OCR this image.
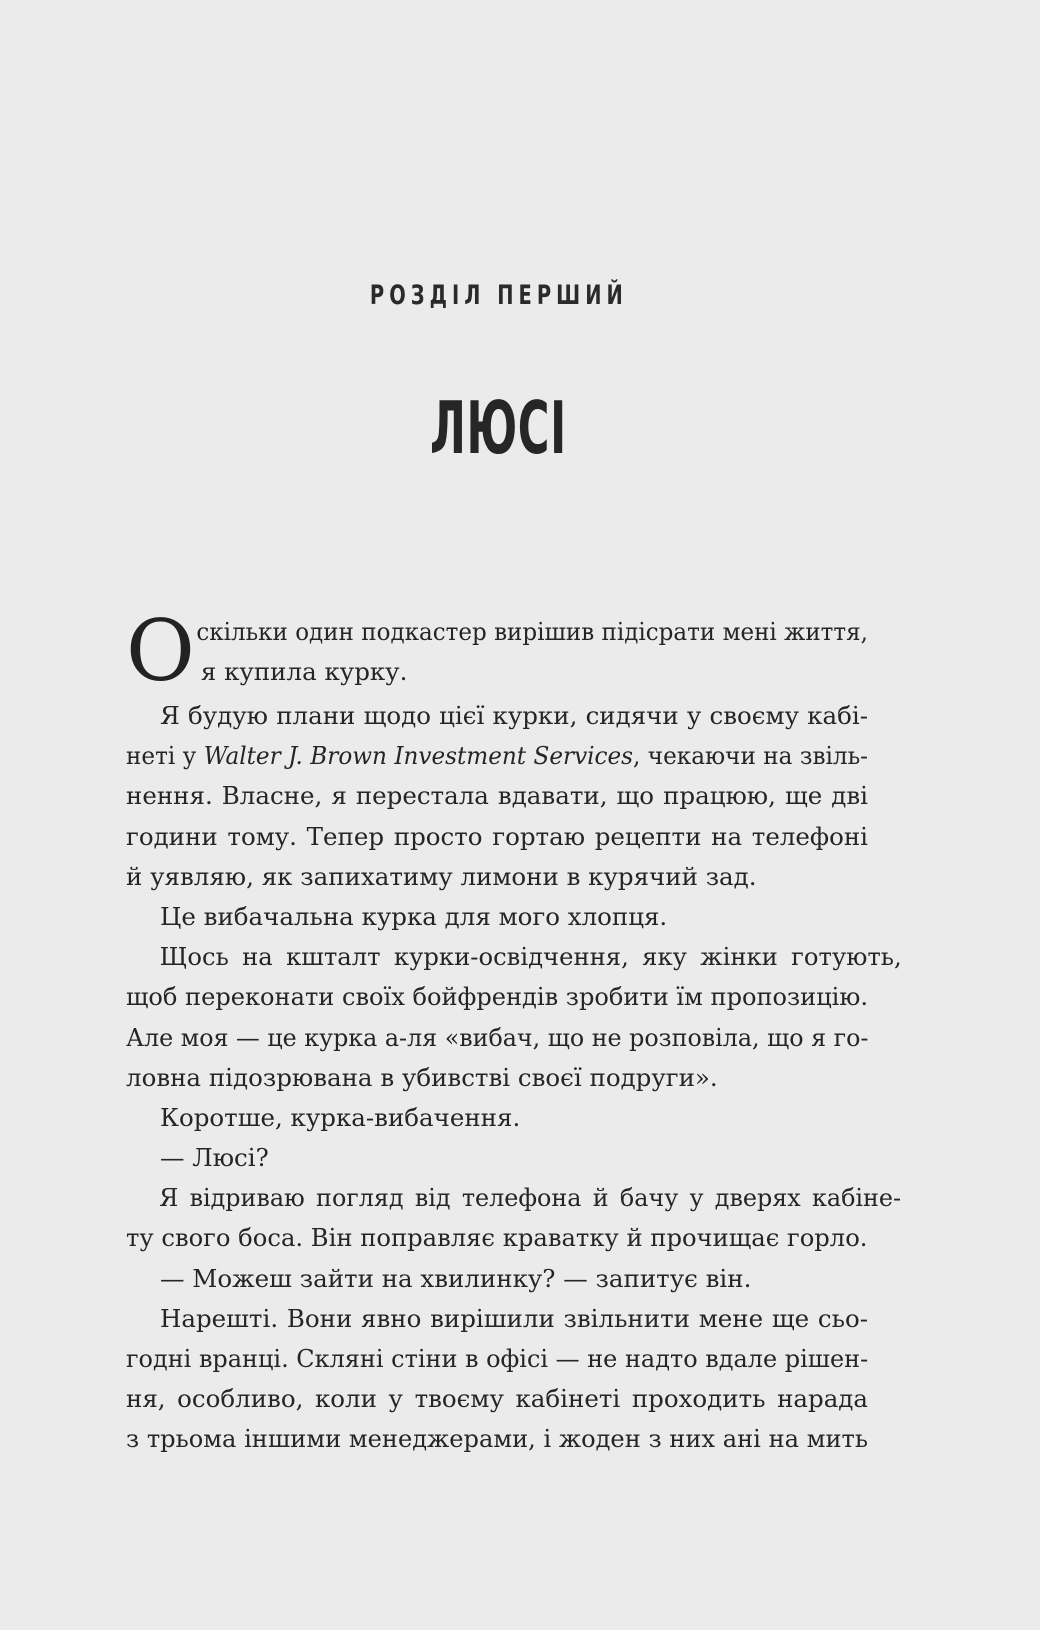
РОЗДІЛ ПЕРШИЙ
ЛЮСІ
О скільки один подкастер вирішив підісрати мені життя,
я купила курку.
Я будую плани щодо цієї курки, сидячи у своєму кабі-
неті у Walter J. Brown Investment Services, чекаючи на звіль-
нення. Власне, я перестала вдавати, що працюю, ще дві
години тому. Тепер просто гортаю рецепти на телефоні
й уявляю, як запихатиму лимони в курячий зад.
Це вибачальна курка для мого хлопця.
Щось на кшталт курки-освідчення, яку жінки готують,
щоб переконати своїх бойфрендів зробити їм пропозицію.
Але моя — це курка а-ля «вибач, що не розповіла, що я го-
ловна підозрювана в убивстві своєї подруги».
Коротше, курка-вибачення.
— Люсі?
Я відриваю погляд від телефона й бачу у дверях кабіне-
ту свого боса. Він поправляє краватку й прочищає горло.
— Можеш зайти на хвилинку? — запитує він.
Нарешті. Вони явно вирішили звільнити мене ще сьо-
годні вранці. Скляні стіни в офісі — не надто вдале рішен-
ня, особливо, коли у твоєму кабінеті проходить нарада
з трьома іншими менеджерами, і жоден з них ані на мить
